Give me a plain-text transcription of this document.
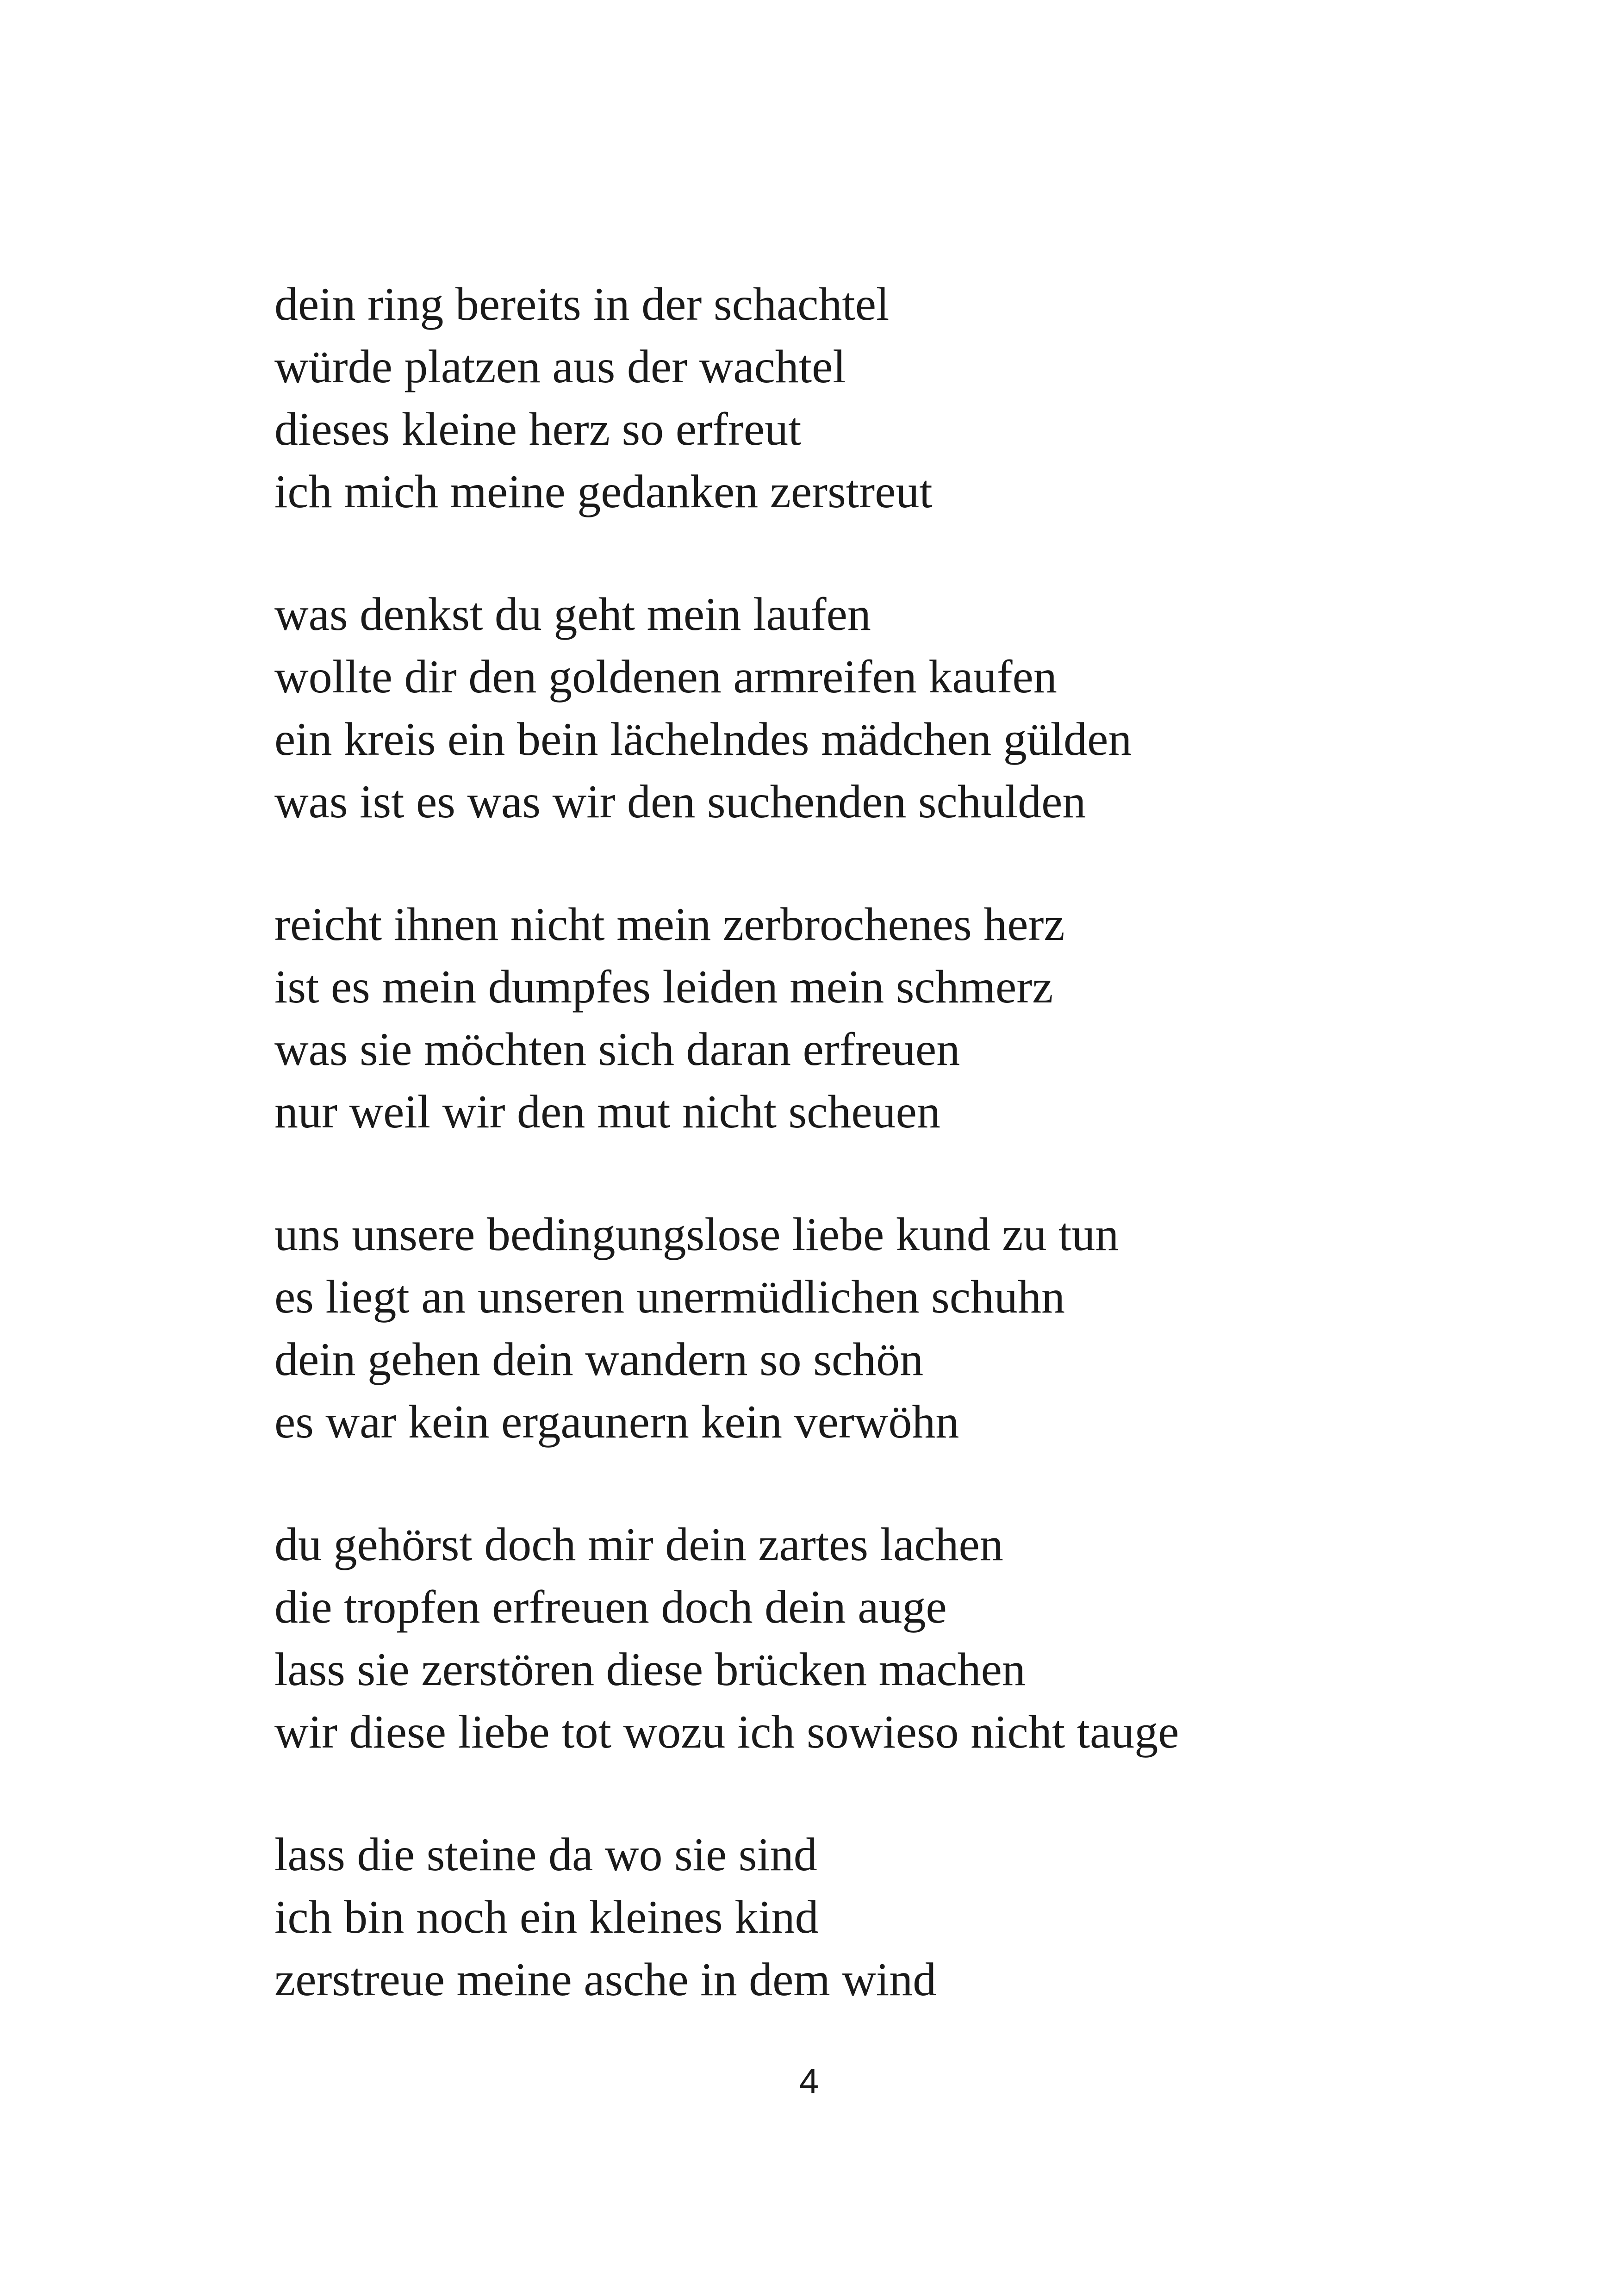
dein ring bereits in der schachtel
würde platzen aus der wachtel
dieses kleine herz so erfreut
ich mich meine gedanken zerstreut
was denkst du geht mein laufen
wollte dir den goldenen armreifen kaufen
ein kreis ein bein lächelndes mädchen gülden
was ist es was wir den suchenden schulden
reicht ihnen nicht mein zerbrochenes herz
ist es mein dumpfes leiden mein schmerz
was sie möchten sich daran erfreuen
nur weil wir den mut nicht scheuen
uns unsere bedingungslose liebe kund zu tun
es liegt an unseren unermüdlichen schuhn
dein gehen dein wandern so schön
es war kein ergaunern kein verwöhn
du gehörst doch mir dein zartes lachen
die tropfen erfreuen doch dein auge
lass sie zerstören diese brücken machen
wir diese liebe tot wozu ich sowieso nicht tauge
lass die steine da wo sie sind
ich bin noch ein kleines kind
zerstreue meine asche in dem wind
4
